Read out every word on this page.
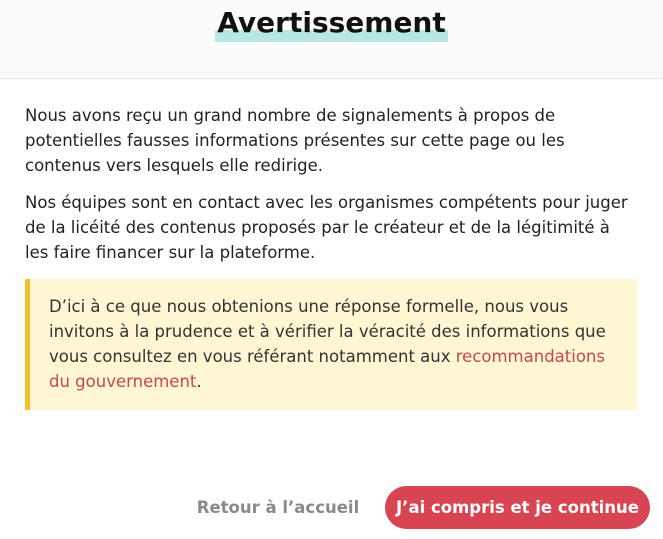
Avertissement

Nous avons reçu un grand nombre de signalements à propos de potentielles fausses informations présentes sur cette page ou les contenus vers lesquels elle redirige.

Nos équipes sont en contact avec les organismes compétents pour juger de la licéité des contenus proposés par le créateur et de la légitimité à les faire financer sur la plateforme.

D’ici à ce que nous obtenions une réponse formelle, nous vous invitons à la prudence et à vérifier la véracité des informations que vous consultez en vous référant notamment aux recommandations du gouvernement.
Retour à l’accueil	J’ai compris et je continue
